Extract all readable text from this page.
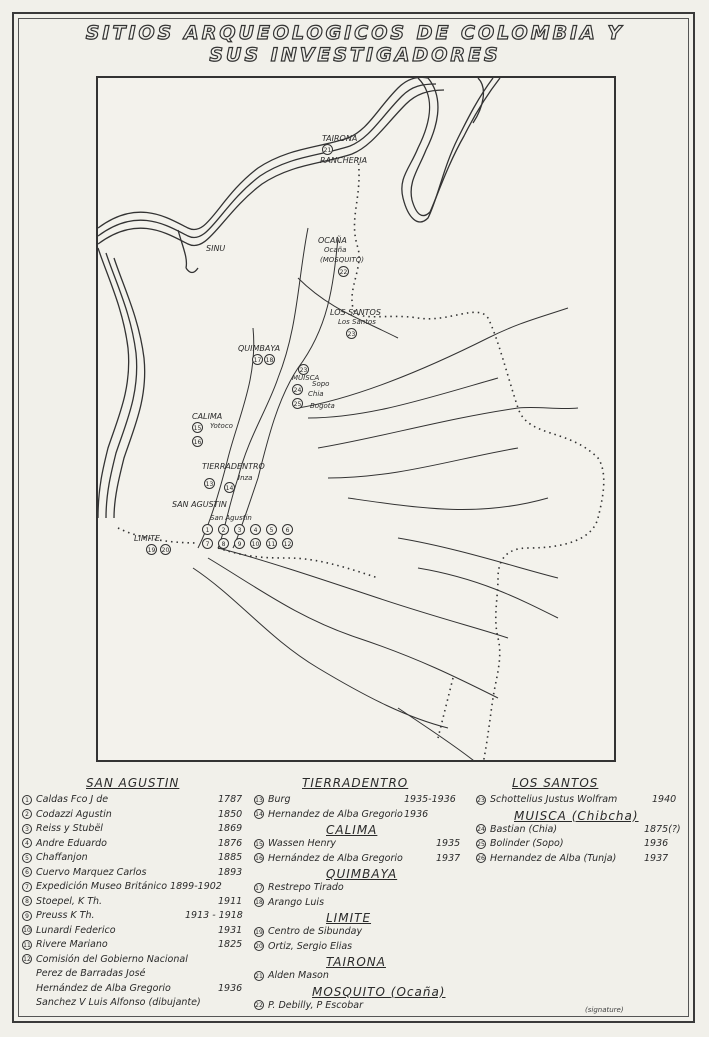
SITIOS ARQUEOLOGICOS DE COLOMBIA Y
SUS INVESTIGADORES
TAIRONA
21
RANCHERIA
SINU
OCAÑA
Ocaña
(MOSQUITO)
22
LOS SANTOS
Los Santos
23
QUIMBAYA
17 18
23
MUISCA
Sopo
24 Chia
25 Bogota
CALIMA
15 Yotoco
16
TIERRADENTRO
Inza
13
14
SAN AGUSTIN
San Agustin
1	2	3	4	5	6
7	8	9	10 11 12
LIMITE
19 20
SAN AGUSTIN
1 Caldas Fco J de	1787
2 Codazzi Agustin	1850
3 Reiss y Stubël	1869
4 Andre Eduardo	1876
5 Chaffanjon	1885
6 Cuervo Marquez Carlos	1893
7 Expedición Museo Británico 1899-1902
8 Stoepel, K Th.	1911
9 Preuss K Th.	1913 - 1918
10 Lunardi Federico	1931
11 Rivere Mariano	1825
12 Comisión del Gobierno Nacional
Perez de Barradas José
Hernández de Alba Gregorio	1936
Sanchez V Luis Alfonso (dibujante)
TIERRADENTRO
13 Burg	1935-1936
14 Hernandez de Alba Gregorio 1936
CALIMA
15 Wassen Henry	1935
16 Hernández de Alba Gregorio	1937
QUIMBAYA
17 Restrepo Tirado
18 Arango Luis
LIMITE
19 Centro de Sibunday
20 Ortiz, Sergio Elias
TAIRONA
21 Alden Mason
MOSQUITO (Ocaña)
22 P. Debilly, P Escobar
LOS SANTOS
23 Schottelius Justus Wolfram	1940
MUISCA (Chibcha)
24 Bastian (Chia)	1875(?)
25 Bolinder (Sopo)	1936
26 Hernandez de Alba (Tunja)	1937
(signature)
